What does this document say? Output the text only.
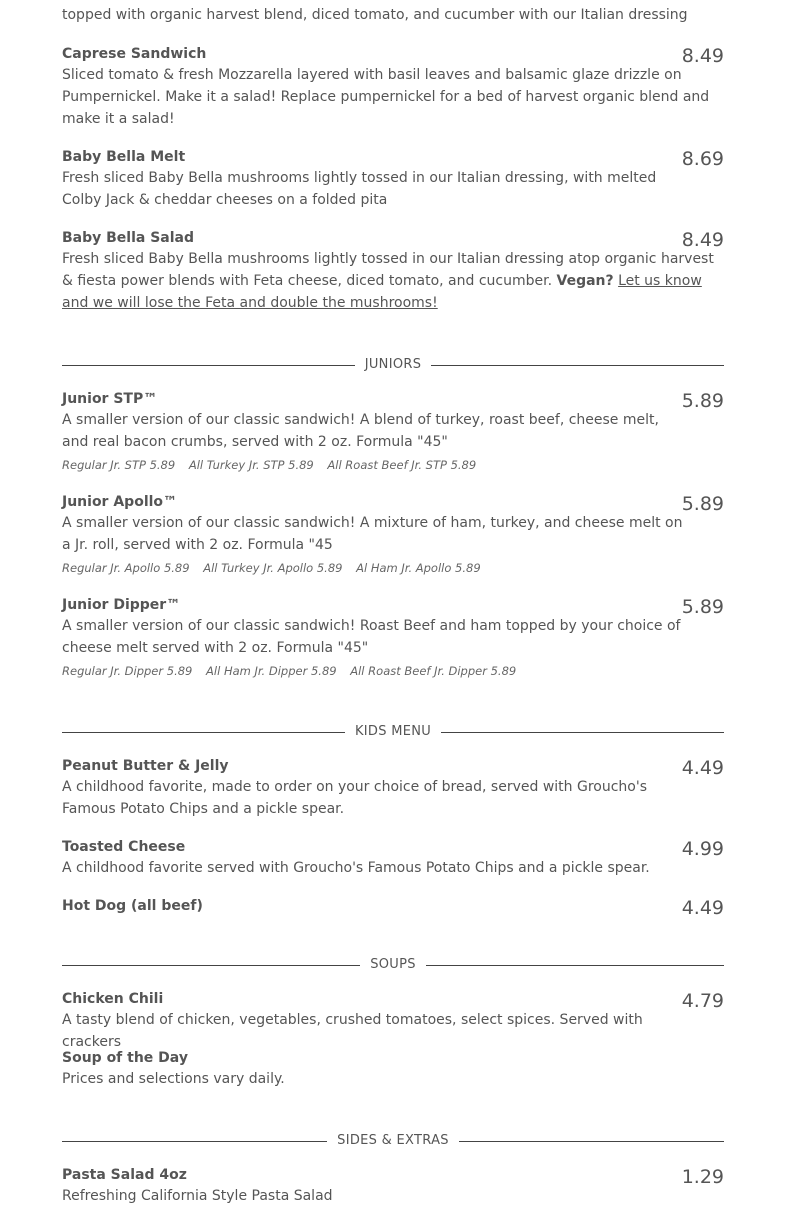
topped with organic harvest blend, diced tomato, and cucumber with our Italian dressing
Caprese Sandwich	8.49
Sliced tomato & fresh Mozzarella layered with basil leaves and balsamic glaze drizzle on Pumpernickel. Make it a salad! Replace pumpernickel for a bed of harvest organic blend and make it a salad!
Baby Bella Melt	8.69
Fresh sliced Baby Bella mushrooms lightly tossed in our Italian dressing, with melted Colby Jack & cheddar cheeses on a folded pita
Baby Bella Salad	8.49
Fresh sliced Baby Bella mushrooms lightly tossed in our Italian dressing atop organic harvest & fiesta power blends with Feta cheese, diced tomato, and cucumber. Vegan? Let us know and we will lose the Feta and double the mushrooms!
JUNIORS
Junior STP™	5.89
A smaller version of our classic sandwich! A blend of turkey, roast beef, cheese melt, and real bacon crumbs, served with 2 oz. Formula "45"
Regular Jr. STP 5.89 All Turkey Jr. STP 5.89 All Roast Beef Jr. STP 5.89
Junior Apollo™	5.89
A smaller version of our classic sandwich! A mixture of ham, turkey, and cheese melt on a Jr. roll, served with 2 oz. Formula "45
Regular Jr. Apollo 5.89 All Turkey Jr. Apollo 5.89 Al Ham Jr. Apollo 5.89
Junior Dipper™	5.89
A smaller version of our classic sandwich! Roast Beef and ham topped by your choice of cheese melt served with 2 oz. Formula "45"
Regular Jr. Dipper 5.89 All Ham Jr. Dipper 5.89 All Roast Beef Jr. Dipper 5.89
KIDS MENU
Peanut Butter & Jelly	4.49
A childhood favorite, made to order on your choice of bread, served with Groucho's Famous Potato Chips and a pickle spear.
Toasted Cheese	4.99
A childhood favorite served with Groucho's Famous Potato Chips and a pickle spear.
Hot Dog (all beef)	4.49
SOUPS
Chicken Chili	4.79
A tasty blend of chicken, vegetables, crushed tomatoes, select spices. Served with crackers
Soup of the Day
Prices and selections vary daily.
SIDES & EXTRAS
Pasta Salad 4oz	1.29
Refreshing California Style Pasta Salad
